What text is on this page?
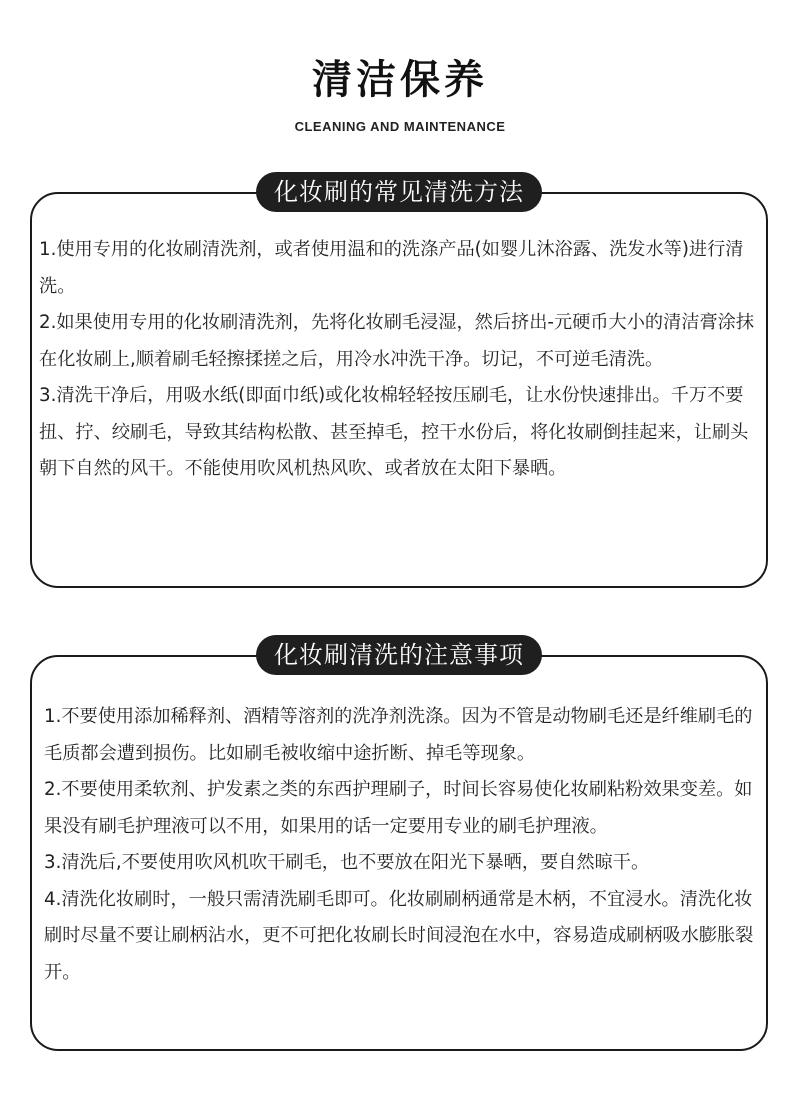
清洁保养
CLEANING AND MAINTENANCE
化妆刷的常见清洗方法

1.使用专用的化妆刷清洗剂，或者使用温和的洗涤产品(如婴儿沐浴露、洗发水等)进行清洗。

2.如果使用专用的化妆刷清洗剂，先将化妆刷毛浸湿，然后挤出-元硬币大小的清洁膏涂抹在化妆刷上,顺着刷毛轻擦揉搓之后，用冷水冲洗干净。切记，不可逆毛清洗。

3.清洗干净后，用吸水纸(即面巾纸)或化妆棉轻轻按压刷毛，让水份快速排出。千万不要扭、拧、绞刷毛，导致其结构松散、甚至掉毛，控干水份后，将化妆刷倒挂起来，让刷头朝下自然的风干。不能使用吹风机热风吹、或者放在太阳下暴晒。

化妆刷清洗的注意事项

1.不要使用添加稀释剂、酒精等溶剂的洗净剂洗涤。因为不管是动物刷毛还是纤维刷毛的毛质都会遭到损伤。比如刷毛被收缩中途折断、掉毛等现象。

2.不要使用柔软剂、护发素之类的东西护理刷子，时间长容易使化妆刷粘粉效果变差。如果没有刷毛护理液可以不用，如果用的话一定要用专业的刷毛护理液。

3.清洗后,不要使用吹风机吹干刷毛，也不要放在阳光下暴晒，要自然晾干。

4.清洗化妆刷时，一般只需清洗刷毛即可。化妆刷刷柄通常是木柄，不宜浸水。清洗化妆刷时尽量不要让刷柄沾水，更不可把化妆刷长时间浸泡在水中，容易造成刷柄吸水膨胀裂开。
